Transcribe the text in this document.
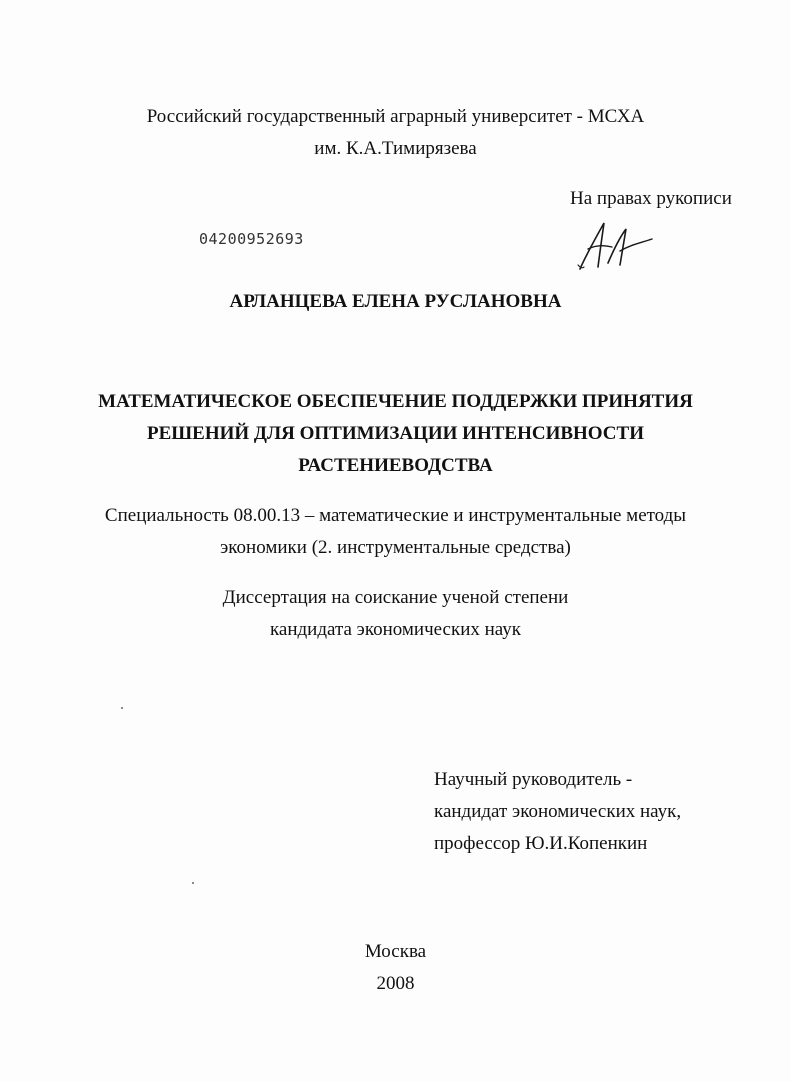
Российский государственный аграрный университет - МСХА
им. К.А.Тимирязева
На правах рукописи
04200952693
АРЛАНЦЕВА ЕЛЕНА РУСЛАНОВНА
МАТЕМАТИЧЕСКОЕ ОБЕСПЕЧЕНИЕ ПОДДЕРЖКИ ПРИНЯТИЯ
РЕШЕНИЙ ДЛЯ ОПТИМИЗАЦИИ ИНТЕНСИВНОСТИ
РАСТЕНИЕВОДСТВА
Специальность 08.00.13 – математические и инструментальные методы
экономики (2. инструментальные средства)
Диссертация на соискание ученой степени
кандидата экономических наук
Научный руководитель -
кандидат экономических наук,
профессор Ю.И.Копенкин
Москва
2008
